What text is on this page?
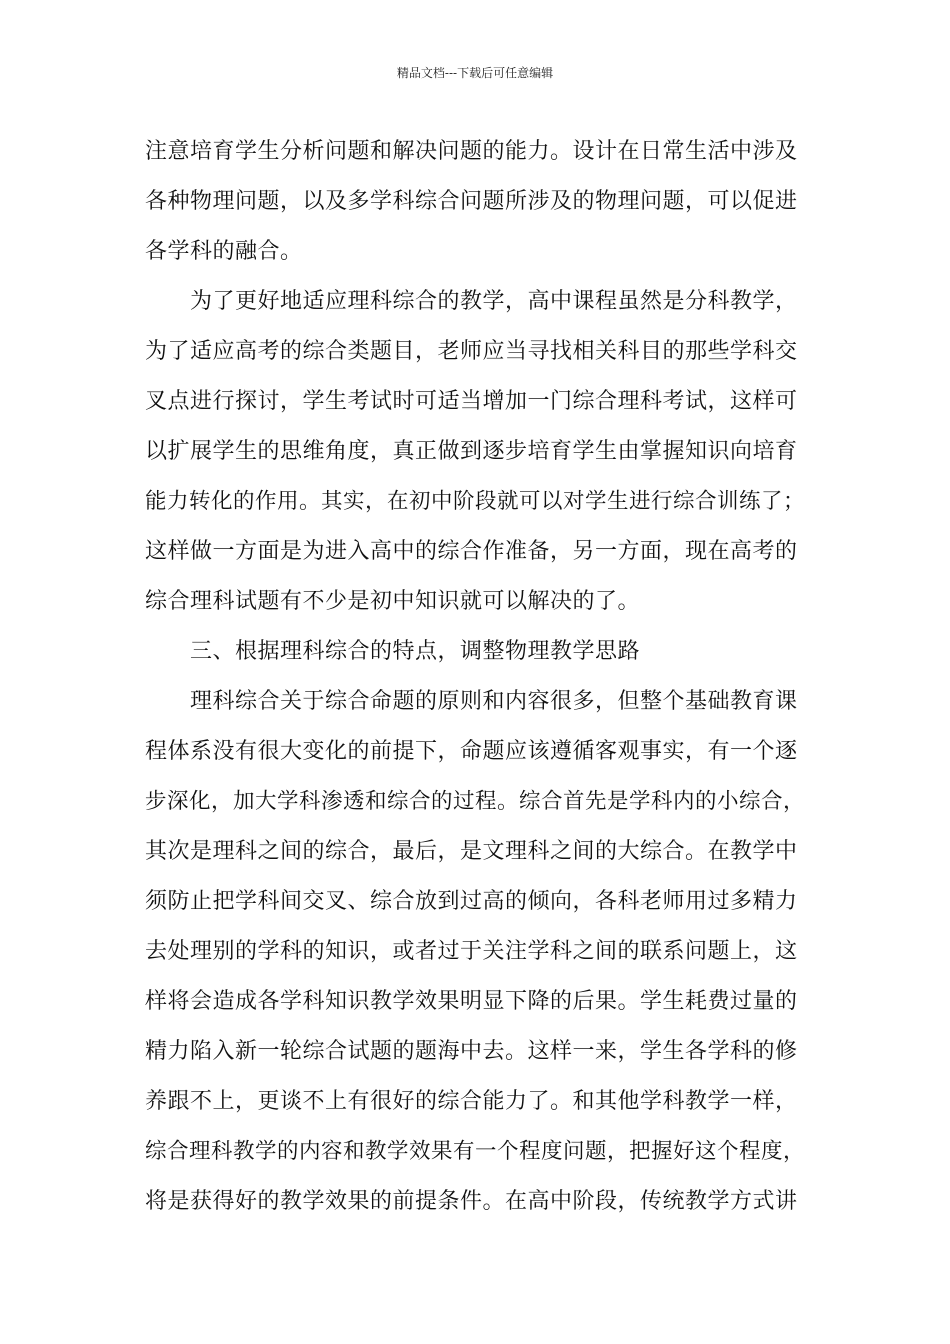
精品文档---下载后可任意编辑
注意培育学生分析问题和解决问题的能力。设计在日常生活中涉及
各种物理问题，以及多学科综合问题所涉及的物理问题，可以促进
各学科的融合。
为了更好地适应理科综合的教学，高中课程虽然是分科教学，
为了适应高考的综合类题目，老师应当寻找相关科目的那些学科交
叉点进行探讨，学生考试时可适当增加一门综合理科考试，这样可
以扩展学生的思维角度，真正做到逐步培育学生由掌握知识向培育
能力转化的作用。其实，在初中阶段就可以对学生进行综合训练了；
这样做一方面是为进入高中的综合作准备，另一方面，现在高考的
综合理科试题有不少是初中知识就可以解决的了。
三、根据理科综合的特点，调整物理教学思路
理科综合关于综合命题的原则和内容很多，但整个基础教育课
程体系没有很大变化的前提下，命题应该遵循客观事实，有一个逐
步深化，加大学科渗透和综合的过程。综合首先是学科内的小综合，
其次是理科之间的综合，最后，是文理科之间的大综合。在教学中
须防止把学科间交叉、综合放到过高的倾向，各科老师用过多精力
去处理别的学科的知识，或者过于关注学科之间的联系问题上，这
样将会造成各学科知识教学效果明显下降的后果。学生耗费过量的
精力陷入新一轮综合试题的题海中去。这样一来，学生各学科的修
养跟不上，更谈不上有很好的综合能力了。和其他学科教学一样，
综合理科教学的内容和教学效果有一个程度问题，把握好这个程度，
将是获得好的教学效果的前提条件。在高中阶段，传统教学方式讲
